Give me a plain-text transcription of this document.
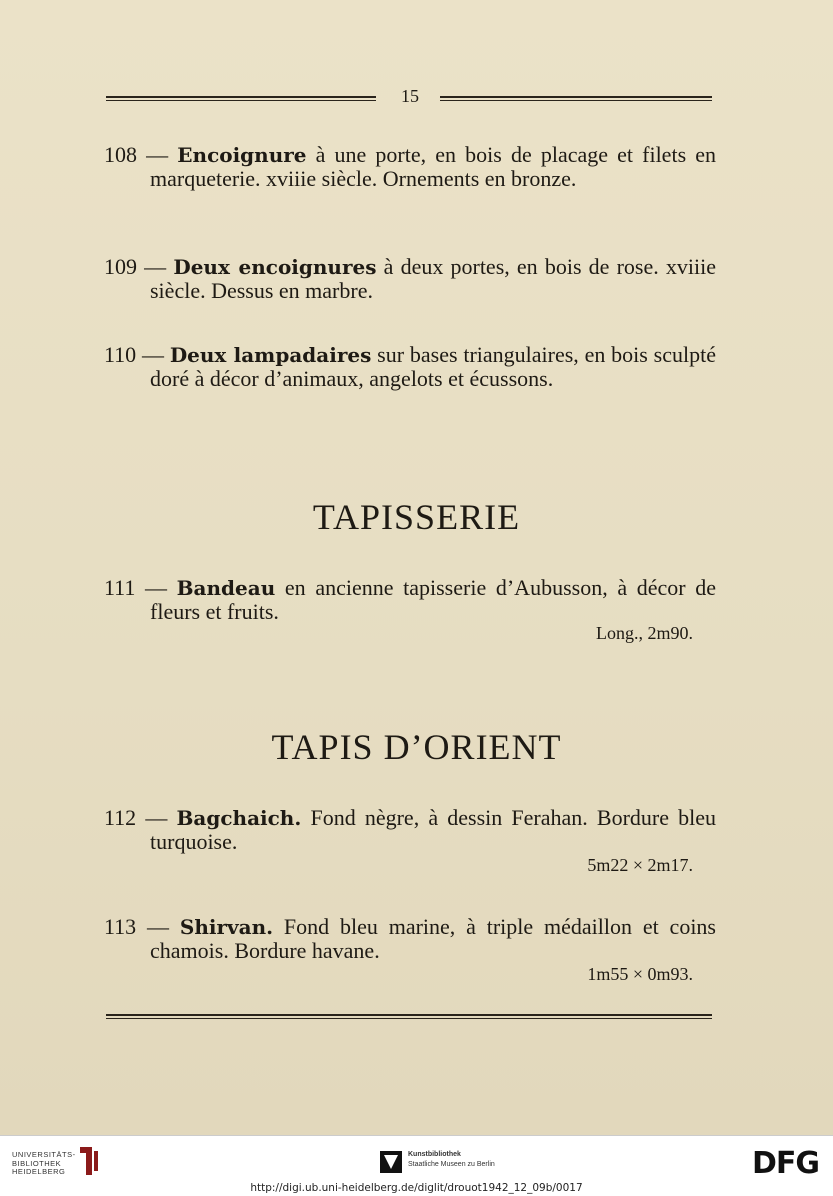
15
108 — Encoignure à une porte, en bois de placage et filets en marqueterie. xviiie siècle. Ornements en bronze.
109 — Deux encoignures à deux portes, en bois de rose. xviiie siècle. Dessus en marbre.
110 — Deux lampadaires sur bases triangulaires, en bois sculpté doré à décor d’animaux, angelots et écussons.
TAPISSERIE
111 — Bandeau en ancienne tapisserie d’Aubusson, à décor de fleurs et fruits.
Long., 2m90.
TAPIS D’ORIENT
112 — Bagchaich. Fond nègre, à dessin Ferahan. Bordure bleu turquoise.
5m22 × 2m17.
113 — Shirvan. Fond bleu marine, à triple médaillon et coins chamois. Bordure havane.
1m55 × 0m93.
UNIVERSITÄTS-
BIBLIOTHEK
HEIDELBERG
Kunstbibliothek
Staatliche Museen zu Berlin	DFG
http://digi.ub.uni-heidelberg.de/diglit/drouot1942_12_09b/0017
